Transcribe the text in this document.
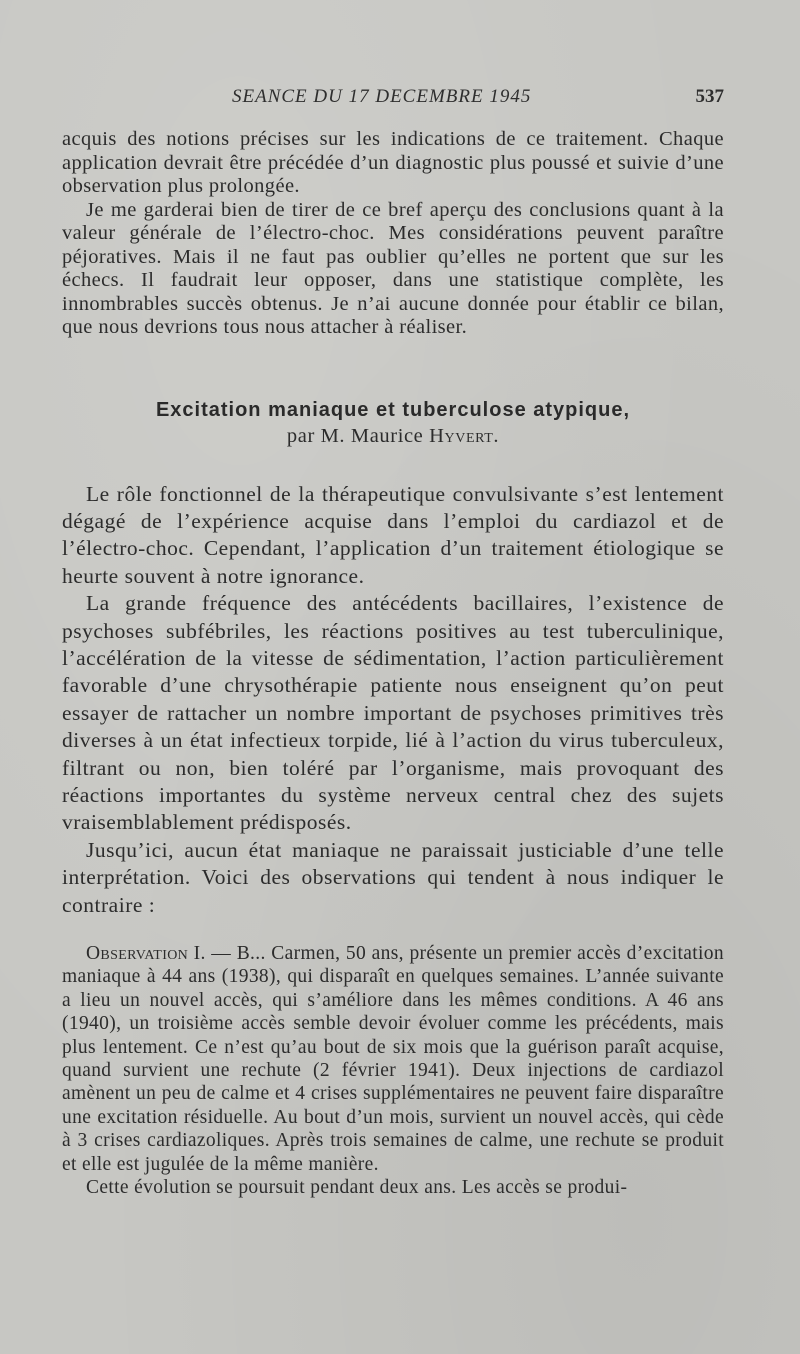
SEANCE DU 17 DECEMBRE 1945	537

acquis des notions précises sur les indications de ce traitement. Chaque application devrait être précédée d’un diagnostic plus poussé et suivie d’une observation plus prolongée.

Je me garderai bien de tirer de ce bref aperçu des conclusions quant à la valeur générale de l’électro-choc. Mes considérations peuvent paraître péjoratives. Mais il ne faut pas oublier qu’elles ne portent que sur les échecs. Il faudrait leur opposer, dans une statistique complète, les innombrables succès obtenus. Je n’ai aucune donnée pour établir ce bilan, que nous devrions tous nous attacher à réaliser.

Excitation maniaque et tuberculose atypique,
par M. Maurice Hyvert.

Le rôle fonctionnel de la thérapeutique convulsivante s’est lentement dégagé de l’expérience acquise dans l’emploi du cardiazol et de l’électro-choc. Cependant, l’application d’un traitement étiologique se heurte souvent à notre ignorance.

La grande fréquence des antécédents bacillaires, l’existence de psychoses subfébriles, les réactions positives au test tuberculinique, l’accélération de la vitesse de sédimentation, l’action particulièrement favorable d’une chrysothérapie patiente nous enseignent qu’on peut essayer de rattacher un nombre important de psychoses primitives très diverses à un état infectieux torpide, lié à l’action du virus tuberculeux, filtrant ou non, bien toléré par l’organisme, mais provoquant des réactions importantes du système nerveux central chez des sujets vraisemblablement prédisposés.

Jusqu’ici, aucun état maniaque ne paraissait justiciable d’une telle interprétation. Voici des observations qui tendent à nous indiquer le contraire :

Observation I. — B... Carmen, 50 ans, présente un premier accès d’excitation maniaque à 44 ans (1938), qui disparaît en quelques semaines. L’année suivante a lieu un nouvel accès, qui s’améliore dans les mêmes conditions. A 46 ans (1940), un troisième accès semble devoir évoluer comme les précédents, mais plus lentement. Ce n’est qu’au bout de six mois que la guérison paraît acquise, quand survient une rechute (2 février 1941). Deux injections de cardiazol amènent un peu de calme et 4 crises supplémentaires ne peuvent faire disparaître une excitation résiduelle. Au bout d’un mois, survient un nouvel accès, qui cède à 3 crises cardiazoliques. Après trois semaines de calme, une rechute se produit et elle est jugulée de la même manière.

Cette évolution se poursuit pendant deux ans. Les accès se produi-
